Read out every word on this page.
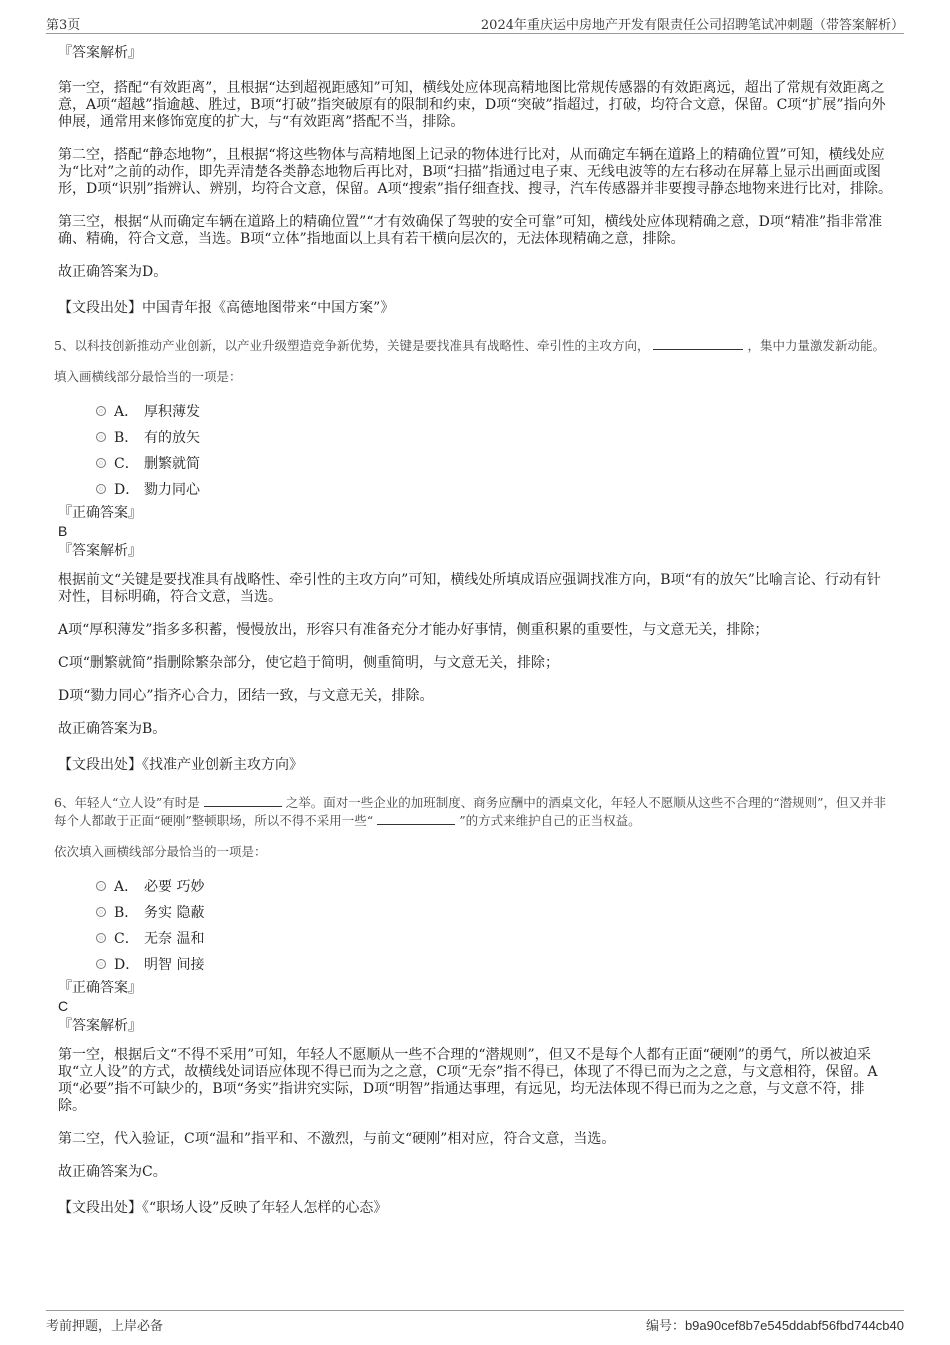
第3页	2024年重庆运中房地产开发有限责任公司招聘笔试冲刺题（带答案解析）
『答案解析』

第一空，搭配“有效距离”，且根据“达到超视距感知”可知，横线处应体现高精地图比常规传感器的有效距离远，超出了常规有效距离之意，A项“超越”指逾越、胜过，B项“打破”指突破原有的限制和约束，D项“突破”指超过，打破，均符合文意，保留。C项“扩展”指向外伸展，通常用来修饰宽度的扩大，与“有效距离”搭配不当，排除。

第二空，搭配“静态地物”，且根据“将这些物体与高精地图上记录的物体进行比对，从而确定车辆在道路上的精确位置”可知，横线处应为“比对”之前的动作，即先弄清楚各类静态地物后再比对，B项“扫描”指通过电子束、无线电波等的左右移动在屏幕上显示出画面或图形，D项“识别”指辨认、辨别，均符合文意，保留。A项“搜索”指仔细查找、搜寻，汽车传感器并非要搜寻静态地物来进行比对，排除。

第三空，根据“从而确定车辆在道路上的精确位置”“才有效确保了驾驶的安全可靠”可知，横线处应体现精确之意，D项“精准”指非常准确、精确，符合文意，当选。B项“立体”指地面以上具有若干横向层次的，无法体现精确之意，排除。

故正确答案为D。

【文段出处】中国青年报《高德地图带来“中国方案”》

5、以科技创新推动产业创新，以产业升级塑造竞争新优势，关键是要找准具有战略性、牵引性的主攻方向，	，集中力量激发新动能。

填入画横线部分最恰当的一项是：

A． 厚积薄发
B． 有的放矢
C． 删繁就简
D． 勠力同心
『正确答案』
B
『答案解析』

根据前文“关键是要找准具有战略性、牵引性的主攻方向”可知，横线处所填成语应强调找准方向，B项“有的放矢”比喻言论、行动有针对性，目标明确，符合文意，当选。

A项“厚积薄发”指多多积蓄，慢慢放出，形容只有准备充分才能办好事情，侧重积累的重要性，与文意无关，排除；

C项“删繁就简”指删除繁杂部分，使它趋于简明，侧重简明，与文意无关，排除；

D项“勠力同心”指齐心合力，团结一致，与文意无关，排除。

故正确答案为B。

【文段出处】《找准产业创新主攻方向》

6、年轻人“立人设”有时是	之举。面对一些企业的加班制度、商务应酬中的酒桌文化，年轻人不愿顺从这些不合理的“潜规则”，但又并非每个人都敢于正面“硬刚”整顿职场，所以不得不采用一些“	”的方式来维护自己的正当权益。

依次填入画横线部分最恰当的一项是：

A． 必要 巧妙
B． 务实 隐蔽
C． 无奈 温和
D． 明智 间接
『正确答案』
C
『答案解析』

第一空，根据后文“不得不采用”可知，年轻人不愿顺从一些不合理的“潜规则”，但又不是每个人都有正面“硬刚”的勇气，所以被迫采取“立人设”的方式，故横线处词语应体现不得已而为之之意，C项“无奈”指不得已，体现了不得已而为之之意，与文意相符，保留。A项“必要”指不可缺少的，B项“务实”指讲究实际，D项“明智”指通达事理，有远见，均无法体现不得已而为之之意，与文意不符，排除。

第二空，代入验证，C项“温和”指平和、不激烈，与前文“硬刚”相对应，符合文意，当选。

故正确答案为C。

【文段出处】《“职场人设”反映了年轻人怎样的心态》

考前押题，上岸必备	编号：b9a90cef8b7e545ddabf56fbd744cb40
